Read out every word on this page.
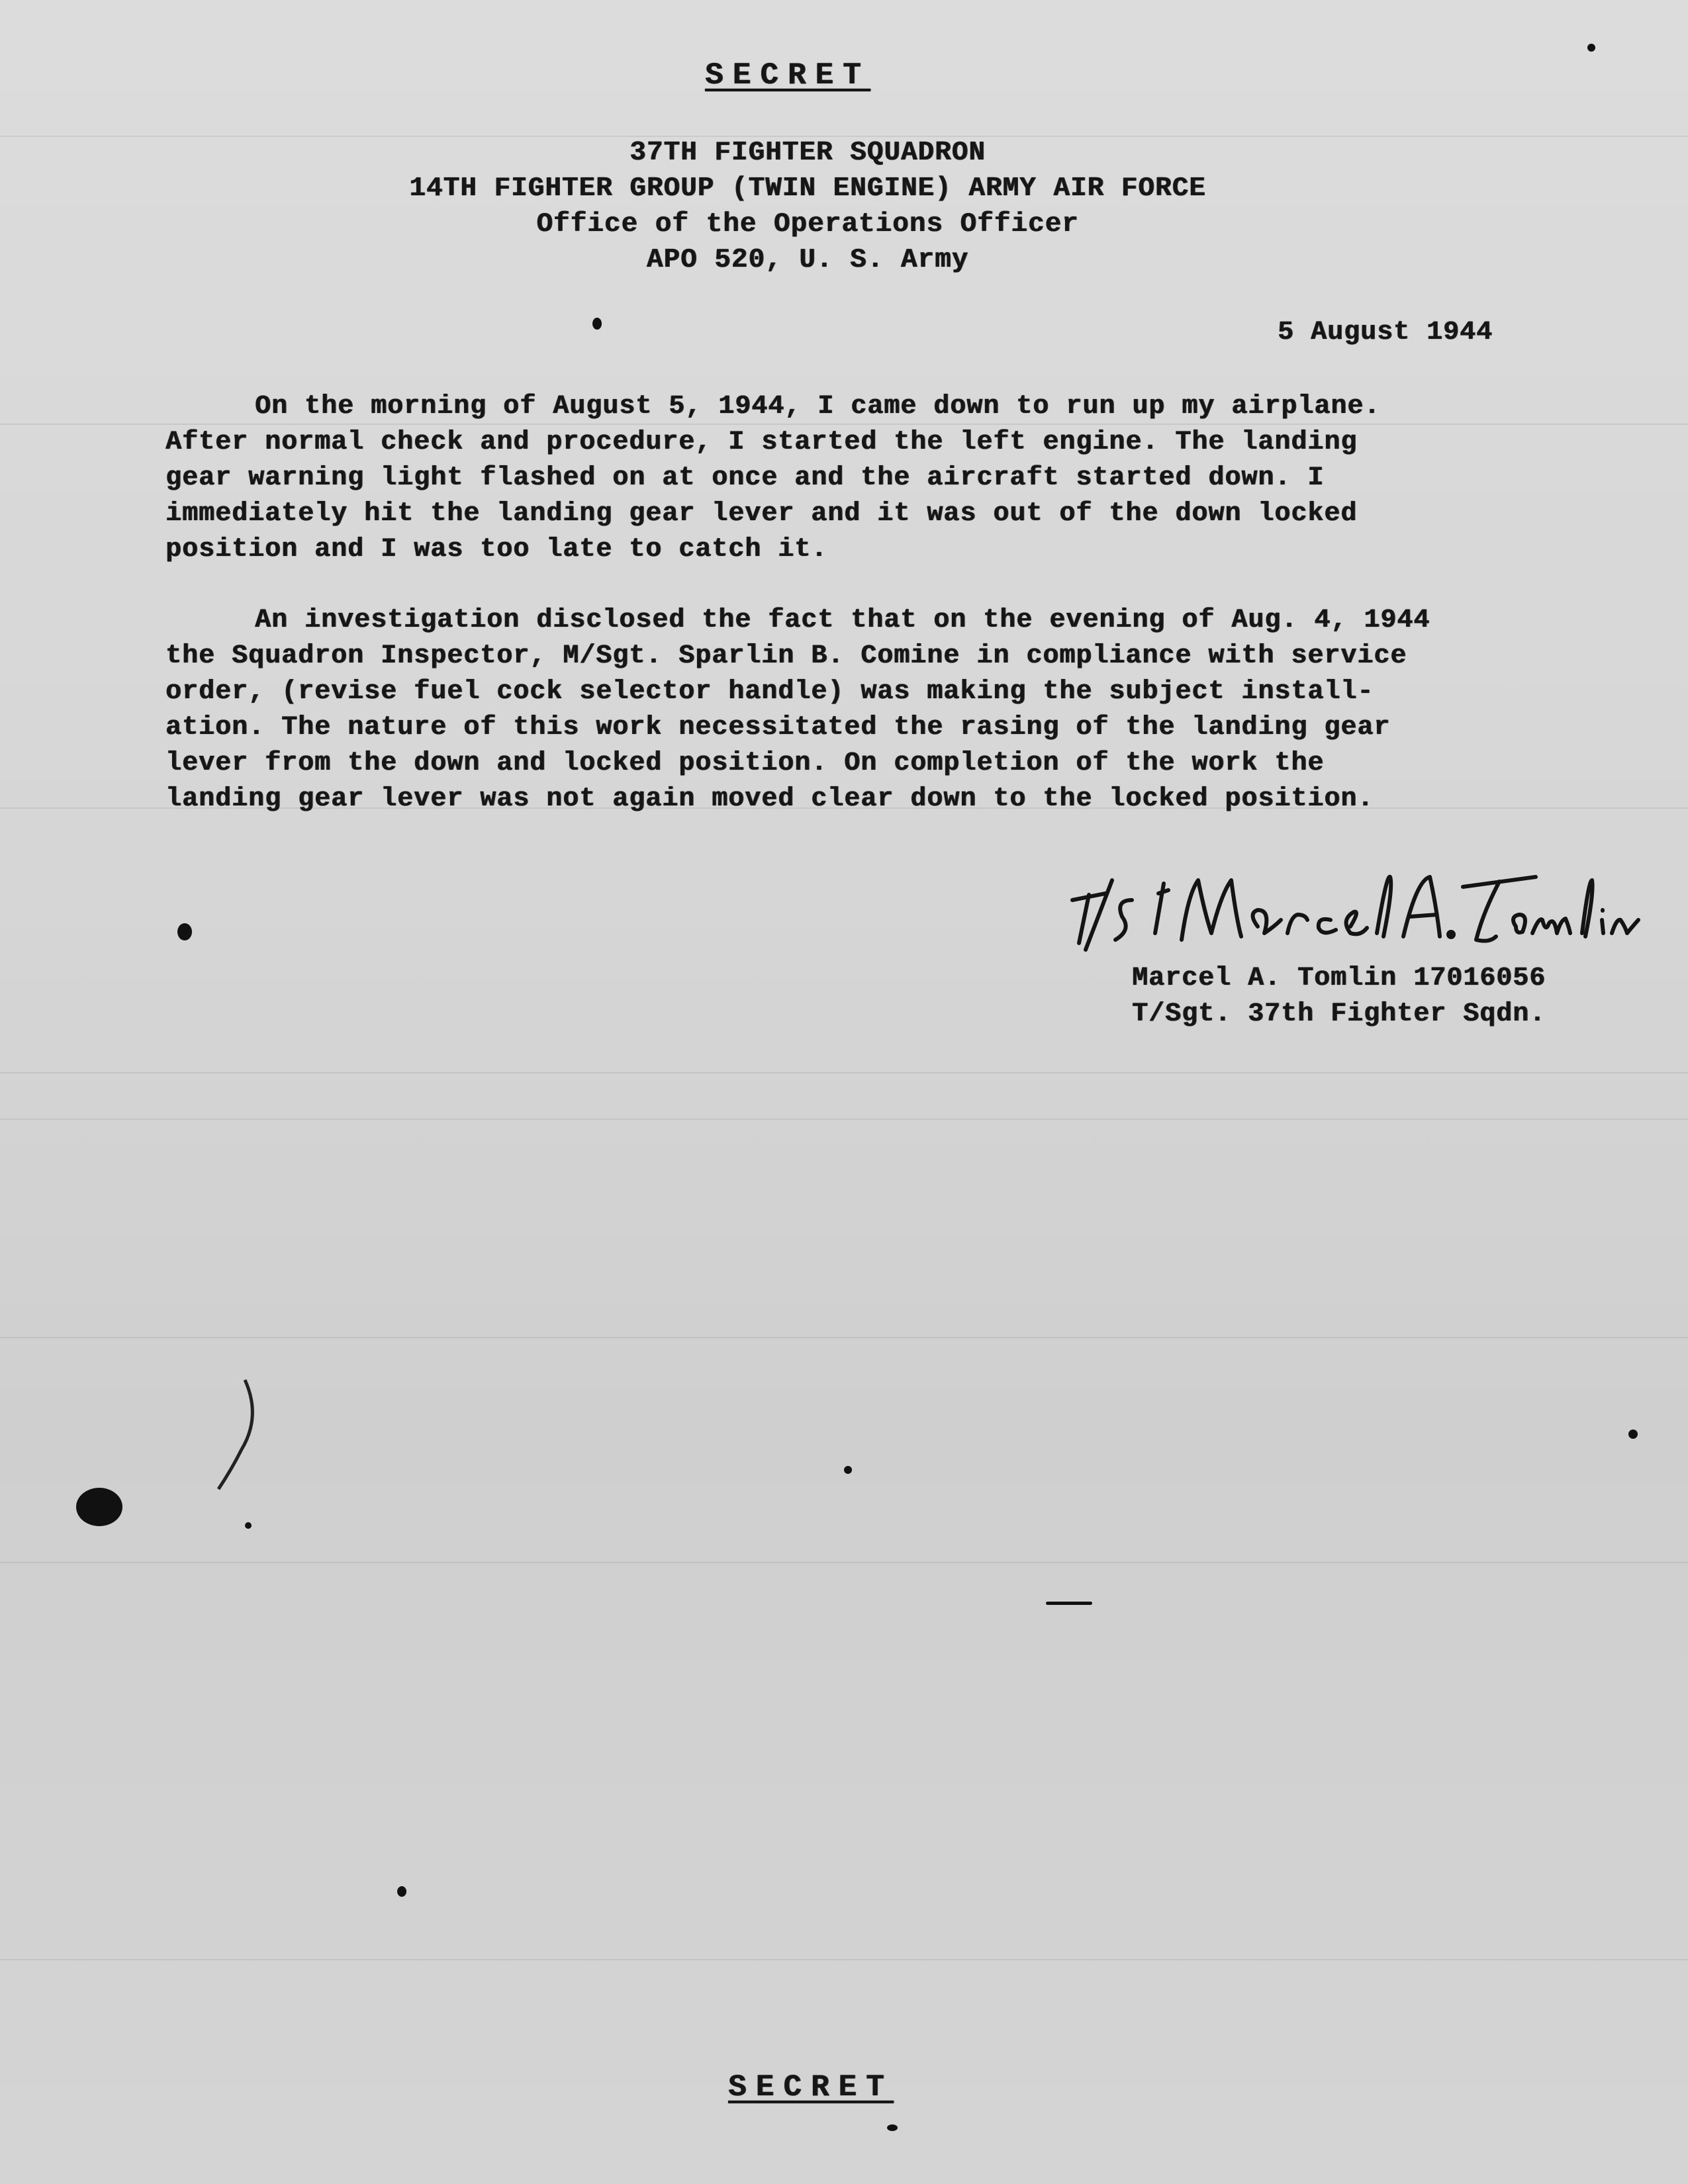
SECRET
37TH FIGHTER SQUADRON
14TH FIGHTER GROUP (TWIN ENGINE) ARMY AIR FORCE
Office of the Operations Officer
APO 520, U. S. Army
5 August 1944
On the morning of August 5, 1944, I came down to run up my airplane.
After normal check and procedure, I started the left engine. The landing
gear warning light flashed on at once and the aircraft started down. I
immediately hit the landing gear lever and it was out of the down locked
position and I was too late to catch it.
An investigation disclosed the fact that on the evening of Aug. 4, 1944
the Squadron Inspector, M/Sgt. Sparlin B. Comine in compliance with service
order, (revise fuel cock selector handle) was making the subject install-
ation. The nature of this work necessitated the rasing of the landing gear
lever from the down and locked position. On completion of the work the
landing gear lever was not again moved clear down to the locked position.
Marcel A. Tomlin 17016056
T/Sgt. 37th Fighter Sqdn.
SECRET
